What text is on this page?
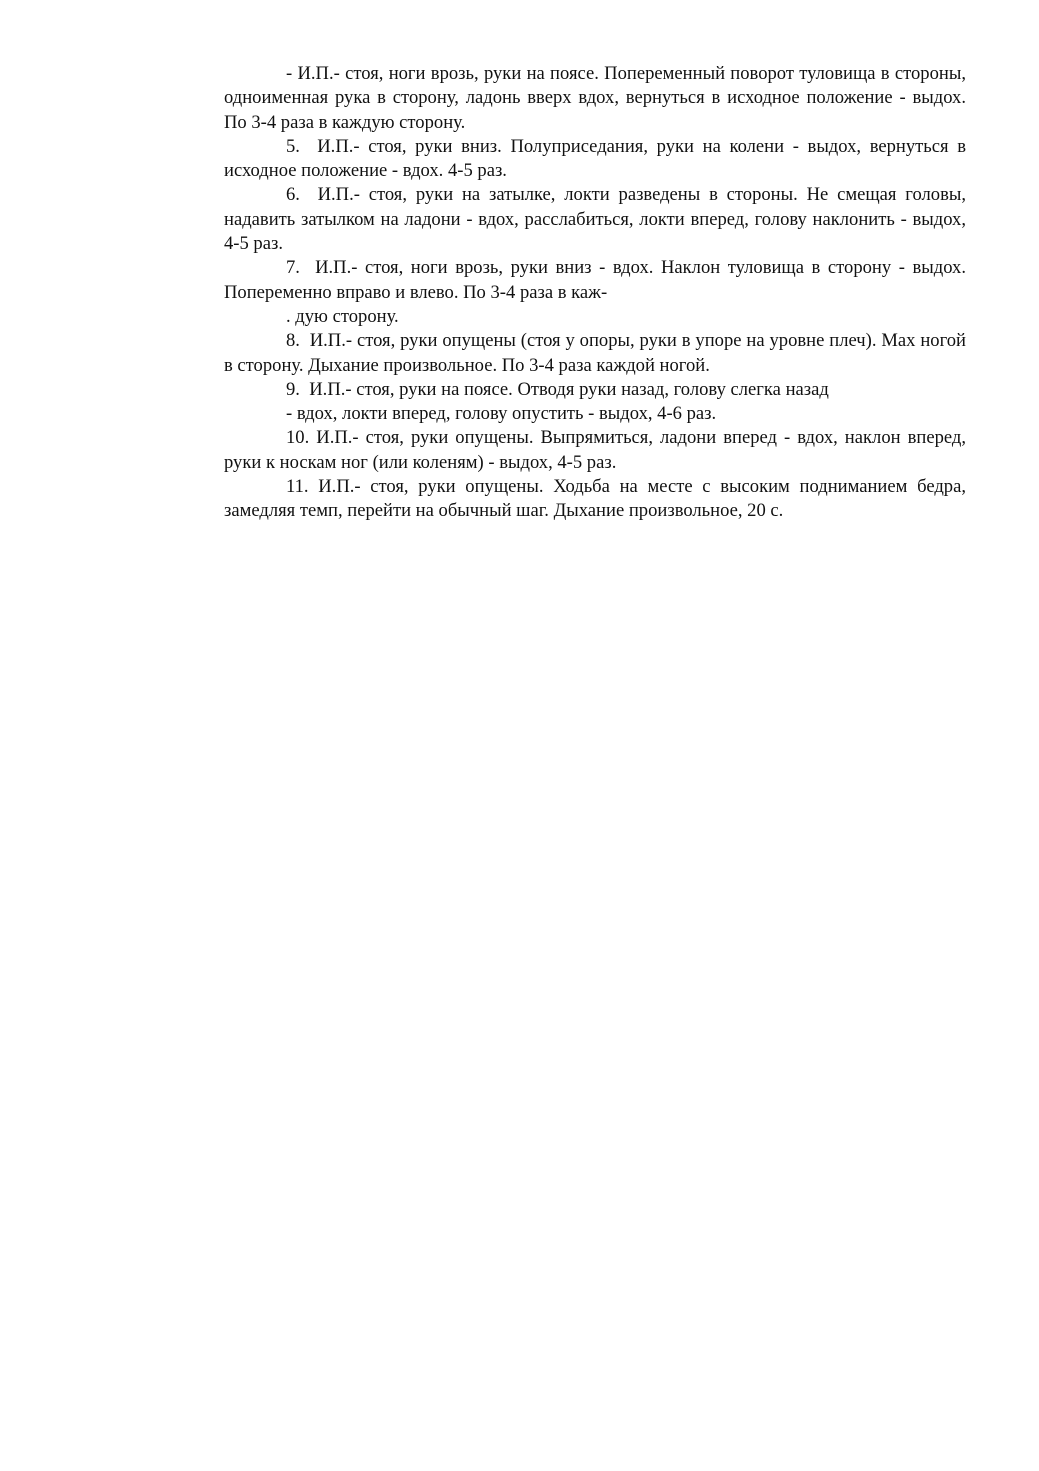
- И.П.- стоя, ноги врозь, руки на поясе. Попеременный поворот туловища в стороны, одноименная рука в сторону, ладонь вверх вдох, вернуться в исходное положение - выдох. По 3-4 раза в каждую сторону.

5.  И.П.- стоя, руки вниз. Полуприседания, руки на колени - выдох, вернуться в исходное положение - вдох. 4-5 раз.

6.  И.П.- стоя, руки на затылке, локти разведены в стороны. Не смещая головы, надавить затылком на ладони - вдох, расслабиться, локти вперед, голову наклонить - выдох, 4-5 раз.

7.  И.П.- стоя, ноги врозь, руки вниз - вдох. Наклон туловища в сторону - выдох. Попеременно вправо и влево. По 3-4 раза в каж-

. дую сторону.

8.  И.П.- стоя, руки опущены (стоя у опоры, руки в упоре на уровне плеч). Мах ногой в сторону. Дыхание произвольное. По 3-4 раза каждой ногой.

9.  И.П.- стоя, руки на поясе. Отводя руки назад, голову слегка назад
- вдох, локти вперед, голову опустить - выдох, 4-6 раз.

10. И.П.- стоя, руки опущены. Выпрямиться, ладони вперед - вдох, наклон вперед, руки к носкам ног (или коленям) - выдох, 4-5 раз.

11. И.П.- стоя, руки опущены. Ходьба на месте с высоким подниманием бедра, замедляя темп, перейти на обычный шаг. Дыхание произвольное, 20 с.
